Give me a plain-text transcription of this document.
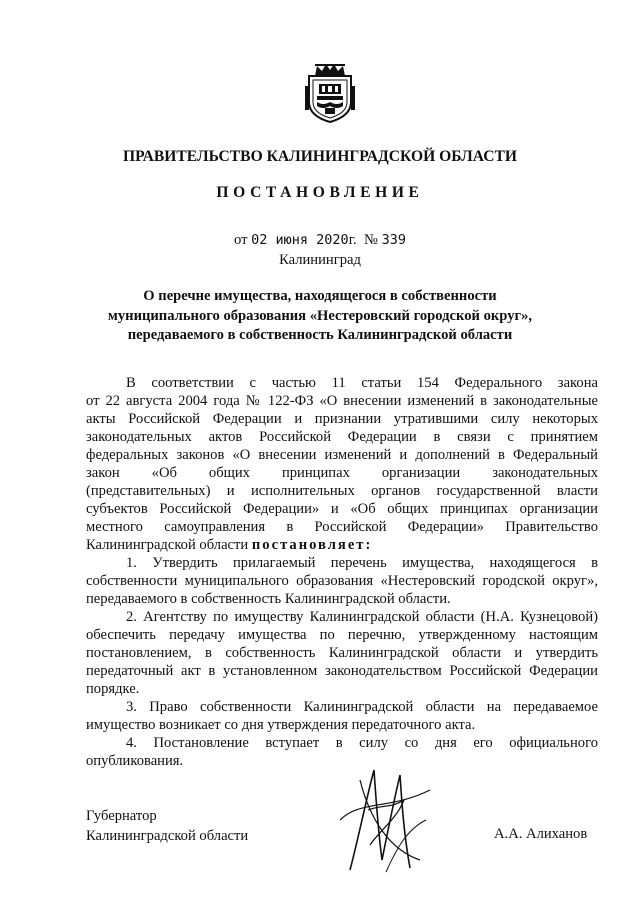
ПРАВИТЕЛЬСТВО КАЛИНИНГРАДСКОЙ ОБЛАСТИ
ПОСТАНОВЛЕНИЕ
от 02 июня 2020г. № 339
Калининград
О перечне имущества, находящегося в собственности
муниципального образования «Нестеровский городской округ»,
передаваемого в собственность Калининградской области
В соответствии с частью 11 статьи 154 Федерального закона
от 22 августа 2004 года № 122-ФЗ «О внесении изменений в законодательные
акты Российской Федерации и признании утратившими силу некоторых
законодательных актов Российской Федерации в связи с принятием
федеральных законов «О внесении изменений и дополнений в Федеральный
закон «Об общих принципах организации законодательных
(представительных) и исполнительных органов государственной власти
субъектов Российской Федерации» и «Об общих принципах организации
местного самоуправления в Российской Федерации» Правительство
Калининградской области постановляет:
1. Утвердить прилагаемый перечень имущества, находящегося в
собственности муниципального образования «Нестеровский городской округ»,
передаваемого в собственность Калининградской области.
2. Агентству по имуществу Калининградской области (Н.А. Кузнецовой)
обеспечить передачу имущества по перечню, утвержденному настоящим
постановлением, в собственность Калининградской области и утвердить
передаточный акт в установленном законодательством Российской Федерации
порядке.
3. Право собственности Калининградской области на передаваемое
имущество возникает со дня утверждения передаточного акта.
4. Постановление вступает в силу со дня его официального
опубликования.
Губернатор
Калининградской области	А.А. Алиханов
